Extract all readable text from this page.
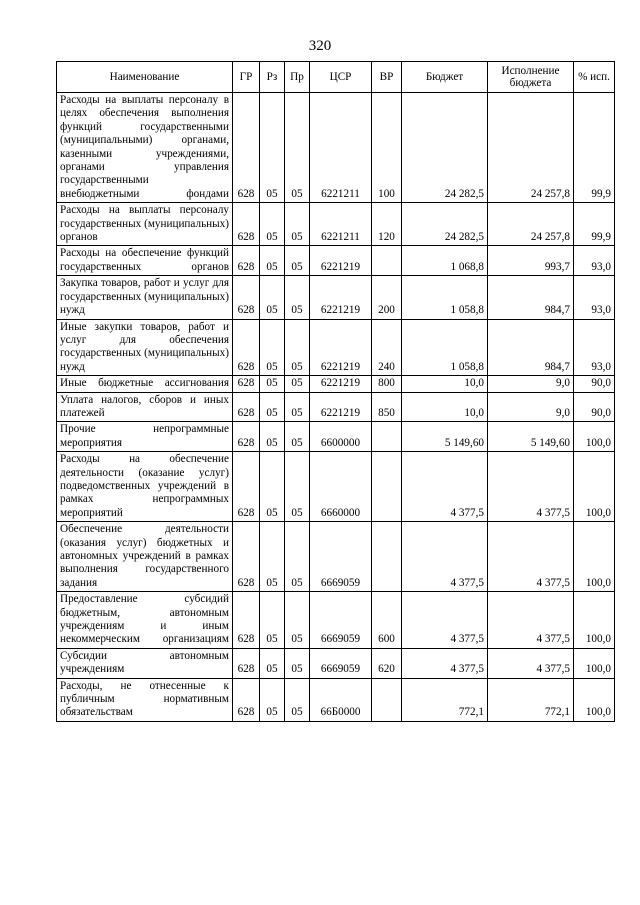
320
Наименование	ГР	Рз	Пр	ЦСР	ВР	Бюджет	Исполнение бюджета	% исп.
Расходы на выплаты персоналу в целях обеспечения выполнения функций государственными (муниципальными) органами, казенными учреждениями, органами управления государственными внебюджетными фондами	628	05	05	6221211	100	24 282,5	24 257,8	99,9
Расходы на выплаты персоналу государственных (муниципальных) органов	628	05	05	6221211	120	24 282,5	24 257,8	99,9
Расходы на обеспечение функций государственных органов	628	05	05	6221219		1 068,8	993,7	93,0
Закупка товаров, работ и услуг для государственных (муниципальных) нужд	628	05	05	6221219	200	1 058,8	984,7	93,0
Иные закупки товаров, работ и услуг для обеспечения государственных (муниципальных) нужд	628	05	05	6221219	240	1 058,8	984,7	93,0
Иные бюджетные ассигнования	628	05	05	6221219	800	10,0	9,0	90,0
Уплата налогов, сборов и иных платежей	628	05	05	6221219	850	10,0	9,0	90,0
Прочие непрограммные мероприятия	628	05	05	6600000		5 149,60	5 149,60	100,0
Расходы на обеспечение деятельности (оказание услуг) подведомственных учреждений в рамках непрограммных мероприятий	628	05	05	6660000		4 377,5	4 377,5	100,0
Обеспечение деятельности (оказания услуг) бюджетных и автономных учреждений в рамках выполнения государственного задания	628	05	05	6669059		4 377,5	4 377,5	100,0
Предоставление субсидий бюджетным, автономным учреждениям и иным некоммерческим организациям	628	05	05	6669059	600	4 377,5	4 377,5	100,0
Субсидии автономным учреждениям	628	05	05	6669059	620	4 377,5	4 377,5	100,0
Расходы, не отнесенные к публичным нормативным обязательствам	628	05	05	66Б0000		772,1	772,1	100,0
